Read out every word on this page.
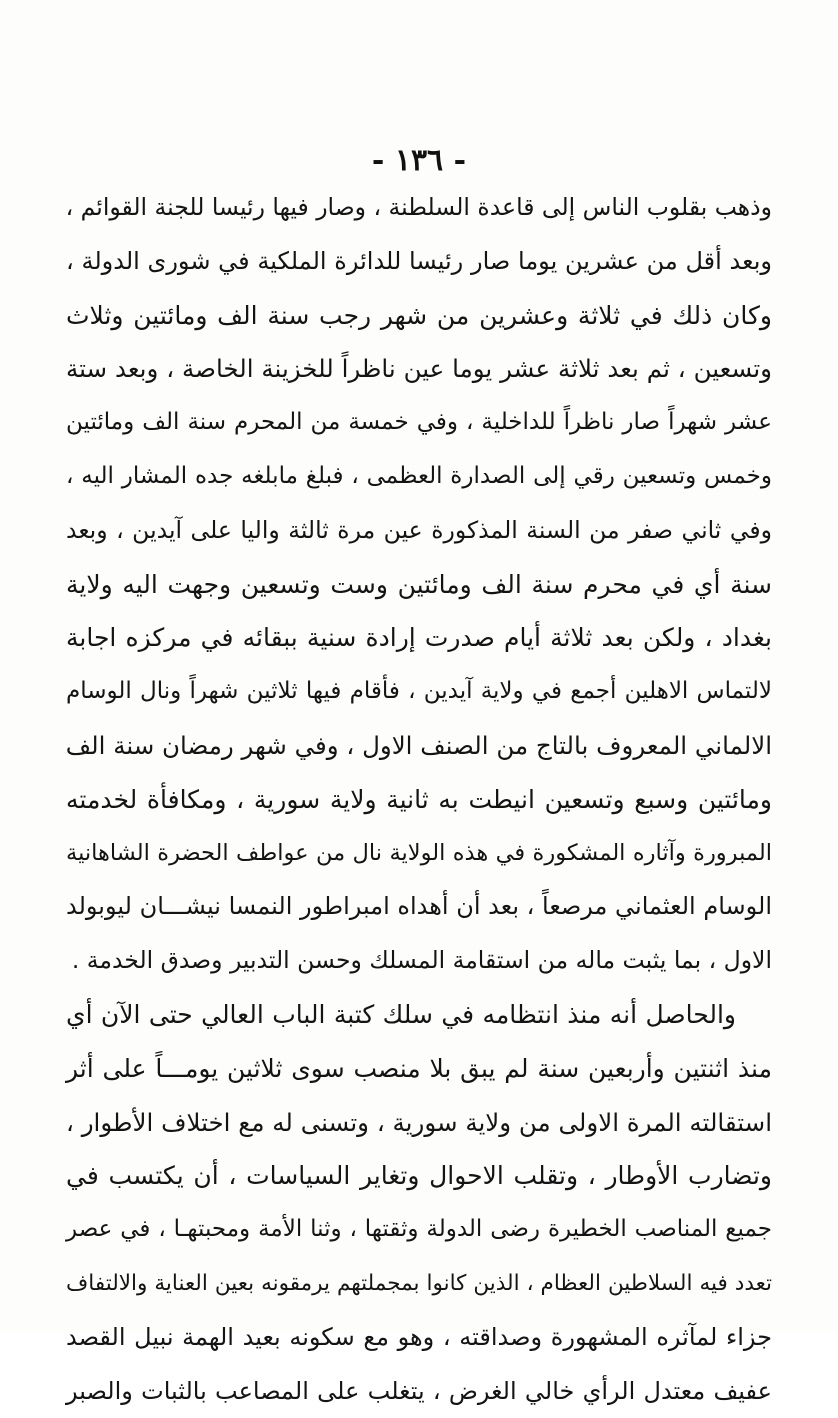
- ١٣٦ -
وذهب بقلوب الناس إلى قاعدة السلطنة ، وصار فيها رئيسا للجنة القوائم ،
وبعد أقل من عشرين يوما صار رئيسا للدائرة الملكية في شورى الدولة ،
وكان ذلك في ثلاثة وعشرين من شهر رجب سنة الف ومائتين وثلاث
وتسعين ، ثم بعد ثلاثة عشر يوما عين ناظراً للخزينة الخاصة ، وبعد ستة
عشر شهراً صار ناظراً للداخلية ، وفي خمسة من المحرم سنة الف ومائتين
وخمس وتسعين رقي إلى الصدارة العظمى ، فبلغ مابلغه جده المشار اليه ،
وفي ثاني صفر من السنة المذكورة عين مرة ثالثة واليا على آيدين ، وبعد
سنة أي في محرم سنة الف ومائتين وست وتسعين وجهت اليه ولاية
بغداد ، ولكن بعد ثلاثة أيام صدرت إرادة سنية ببقائه في مركزه اجابة
لالتماس الاهلين أجمع في ولاية آيدين ، فأقام فيها ثلاثين شهراً ونال الوسام
الالماني المعروف بالتاج من الصنف الاول ، وفي شهر رمضان سنة الف
ومائتين وسبع وتسعين انيطت به ثانية ولاية سورية ، ومكافأة لخدمته
المبرورة وآثاره المشكورة في هذه الولاية نال من عواطف الحضرة الشاهانية
الوسام العثماني مرصعاً ، بعد أن أهداه امبراطور النمسا نيشـــان ليوبولد
الاول ، بما يثبت ماله من استقامة المسلك وحسن التدبير وصدق الخدمة .
والحاصل أنه منذ انتظامه في سلك كتبة الباب العالي حتى الآن أي
منذ اثنتين وأربعين سنة لم يبق بلا منصب سوى ثلاثين يومـــاً على أثر
استقالته المرة الاولى من ولاية سورية ، وتسنى له مع اختلاف الأطوار ،
وتضارب الأوطار ، وتقلب الاحوال وتغاير السياسات ، أن يكتسب في
جميع المناصب الخطيرة رضى الدولة وثقتها ، وثنا الأمة ومحبتهـا ، في عصر
تعدد فيه السلاطين العظام ، الذين كانوا بمجملتهم يرمقونه بعين العناية والالتفاف
جزاء لمآثره المشهورة وصداقته ، وهو مع سكونه بعيد الهمة نبيل القصد
عفيف معتدل الرأي خالي الغرض ، يتغلب على المصاعب بالثبات والصبر
